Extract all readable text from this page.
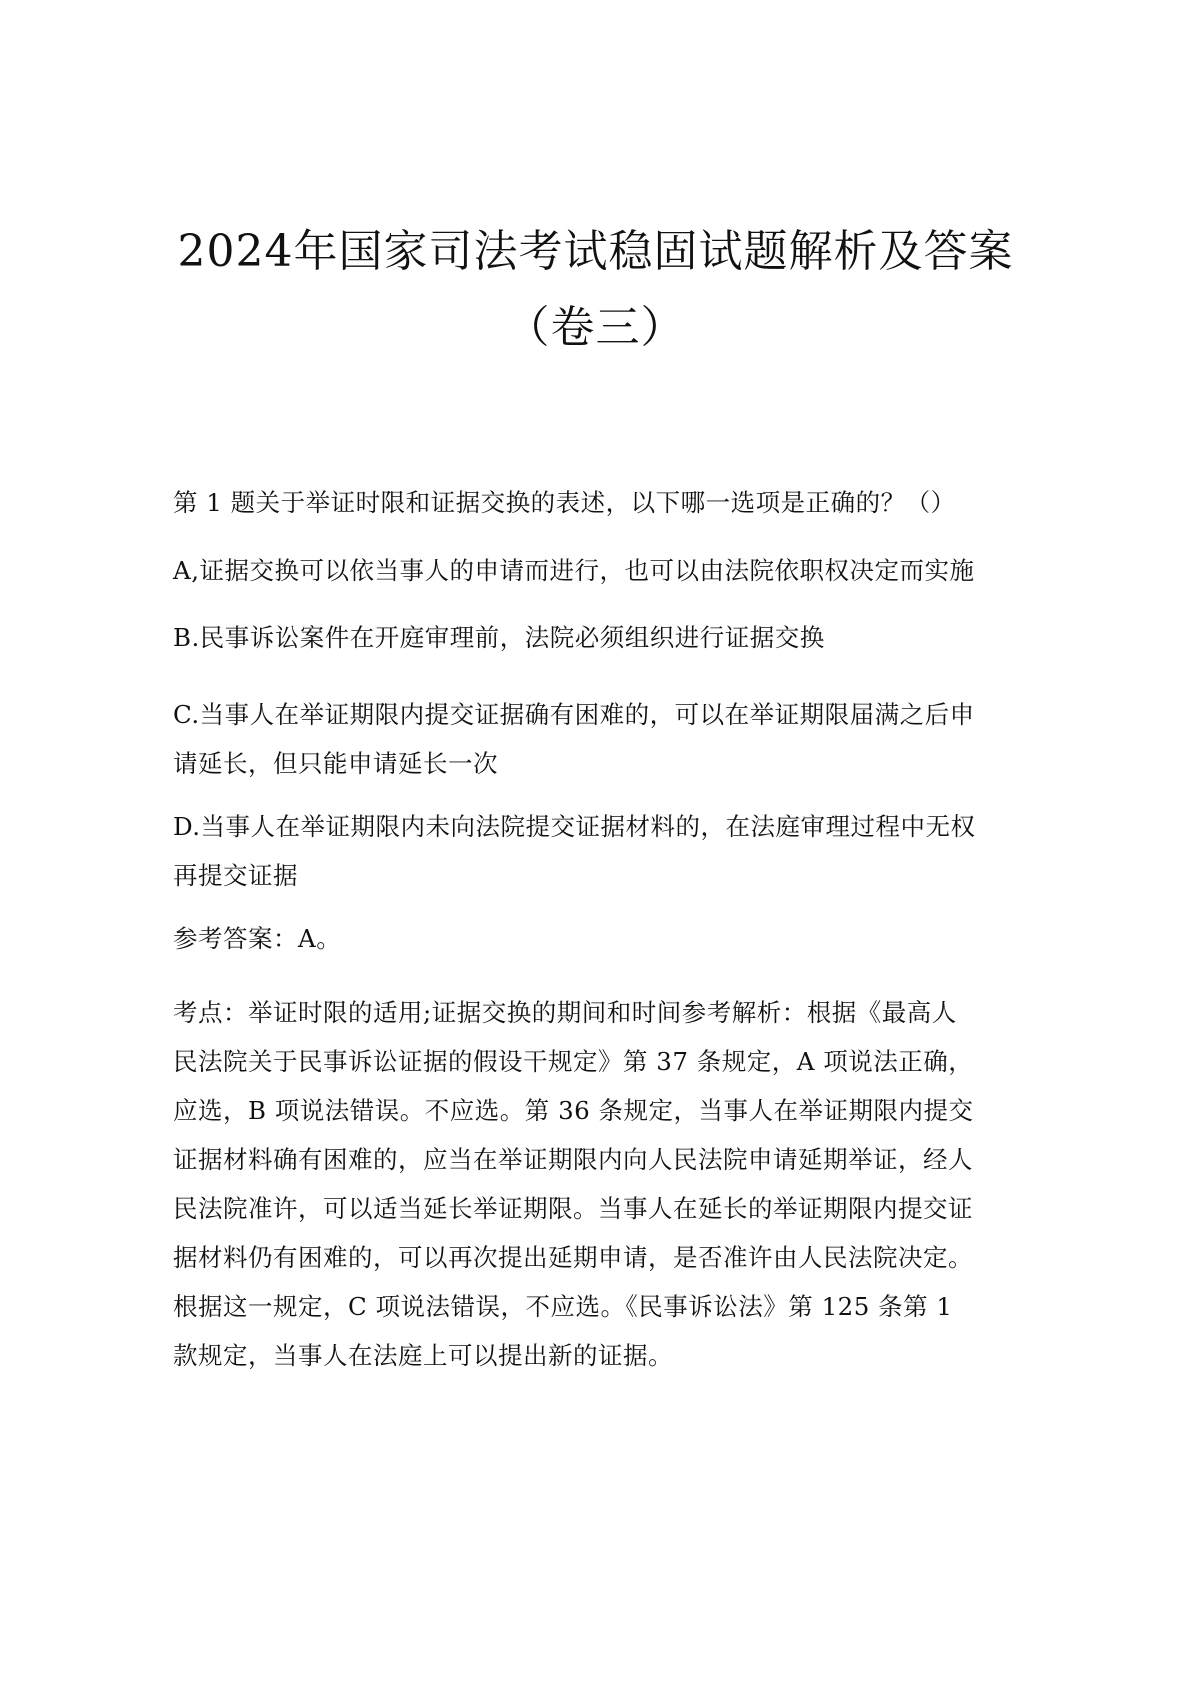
2024年国家司法考试稳固试题解析及答案
（卷三）
第 1 题关于举证时限和证据交换的表述，以下哪一选项是正确的？（）
A,证据交换可以依当事人的申请而进行，也可以由法院依职权决定而实施
B.民事诉讼案件在开庭审理前，法院必须组织进行证据交换
C.当事人在举证期限内提交证据确有困难的，可以在举证期限届满之后申
请延长，但只能申请延长一次
D.当事人在举证期限内未向法院提交证据材料的，在法庭审理过程中无权
再提交证据
参考答案：A。
考点：举证时限的适用;证据交换的期间和时间参考解析：根据《最高人
民法院关于民事诉讼证据的假设干规定》第 37 条规定，A 项说法正确，
应选，B 项说法错误。不应选。第 36 条规定，当事人在举证期限内提交
证据材料确有困难的，应当在举证期限内向人民法院申请延期举证，经人
民法院准许，可以适当延长举证期限。当事人在延长的举证期限内提交证
据材料仍有困难的，可以再次提出延期申请，是否准许由人民法院决定。
根据这一规定，C 项说法错误，不应选。《民事诉讼法》第 125 条第 1
款规定，当事人在法庭上可以提出新的证据。
